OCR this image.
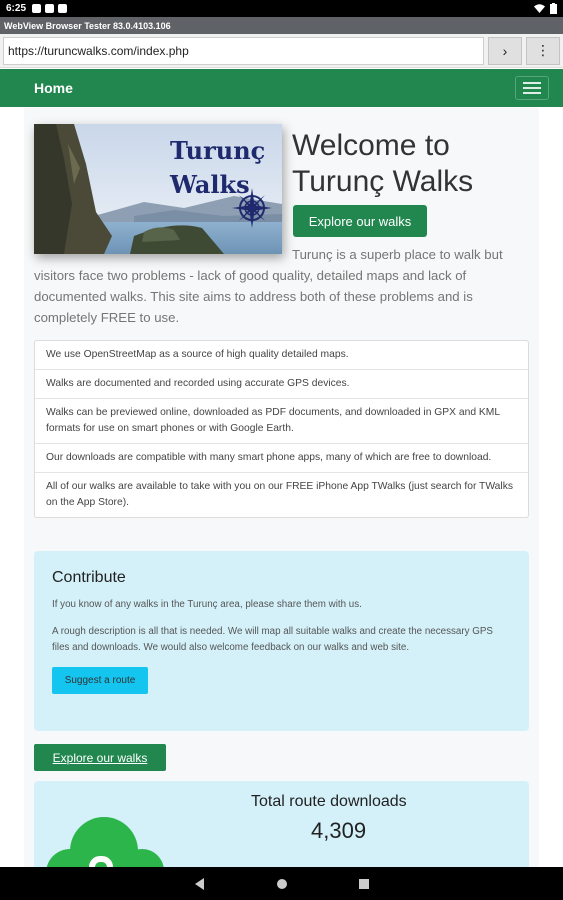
6:25
WebView Browser Tester 83.0.4103.106
https://turuncwalks.com/index.php	›	⋮
Home
Turunç
Walks
Welcome to
Turunç Walks
Explore our walks
Turunç is a superb place to walk but visitors face two problems - lack of good quality, detailed maps and lack of documented walks. This site aims to address both of these problems and is completely FREE to use.
We use OpenStreetMap as a source of high quality detailed maps.
Walks are documented and recorded using accurate GPS devices.
Walks can be previewed online, downloaded as PDF documents, and downloaded in GPX and KML formats for use on smart phones or with Google Earth.
Our downloads are compatible with many smart phone apps, many of which are free to download.
All of our walks are available to take with you on our FREE iPhone App TWalks (just search for TWalks on the App Store).
Contribute

If you know of any walks in the Turunç area, please share them with us.

A rough description is all that is needed. We will map all suitable walks and create the necessary GPS files and downloads. We would also welcome feedback on our walks and web site.

Suggest a route
Explore our walks
Total route downloads
4,309
